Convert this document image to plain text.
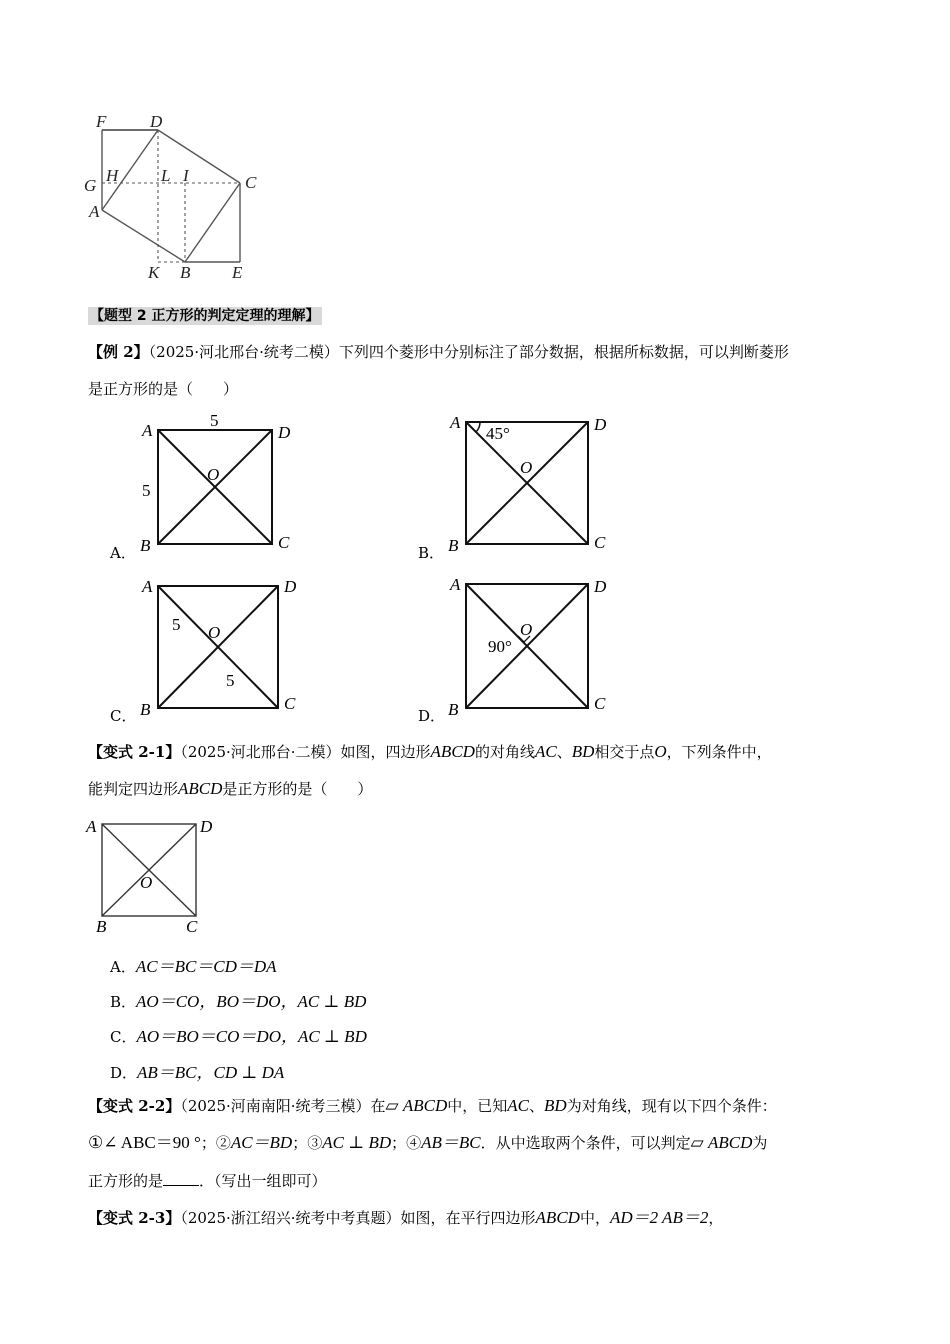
F	D
G
H	L I	C
A
K B E
【题型 2 正方形的判定定理的理解】
【例 2】（2025·河北邢台·统考二模）下列四个菱形中分别标注了部分数据，根据所标数据，可以判断菱形
是正方形的是（　　）
A．
A	D
B	C
O
5
5
B．
A	D
B	C
O
45°
C．
A	D
B	C
O
5
5
D．
A	D
B	C
O
90°
【变式 2-1】（2025·河北邢台·二模）如图，四边形ABCD的对角线AC、BD相交于点O，下列条件中，
能判定四边形ABCD是正方形的是（　　）
A	D
B	C
O
A．AC＝BC＝CD＝DA
B．AO＝CO，BO＝DO，AC ⊥ BD
C．AO＝BO＝CO＝DO，AC ⊥ BD
D．AB＝BC，CD ⊥ DA
【变式 2-2】（2025·河南南阳·统考三模）在▱ ABCD中，已知AC、BD为对角线，现有以下四个条件：
①∠ ABC＝90 °；②AC＝BD；③AC ⊥ BD；④AB＝BC．从中选取两个条件，可以判定▱ ABCD为
正方形的是 ．（写出一组即可）
【变式 2-3】（2025·浙江绍兴·统考中考真题）如图，在平行四边形ABCD中，AD＝2 AB＝2，
